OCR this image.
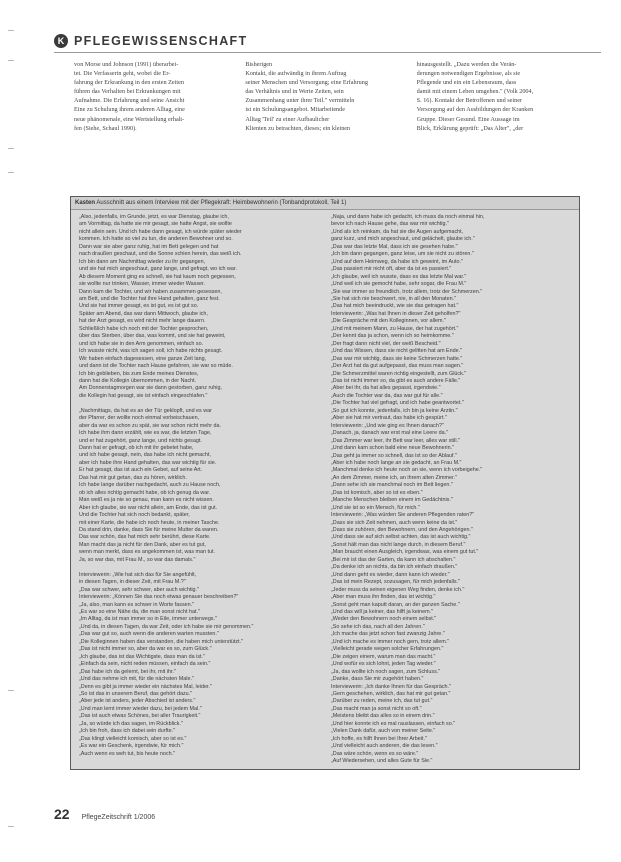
K PFLEGEWISSENSCHAFT
von Morse und Johnson (1991) überarbei-
tet. Die Verfasserin geht, wobei die Er-
fahrung der Erkrankung in den ersten Zeiten
führen das Verhalten bei Erkrankungen mit
Aufnahme. Die Erfahrung und seine Ansicht
Eine zu Schulung ihrem anderen Alltag, eine
neue phänomenale, eine Wertstellung erhalt-
fen (Siehe, Schaul 1990).
Bisherigen
Kontakt, die aufwändig in ihrem Auftrag
seiner Menschen und Versorgung; eine Erfahrung
das Verhältnis und in Werte Zeiten, sein
Zusammenhang unter ihrer Teil." vermitteln
ist ein Schulungsangebot. Mitarbeitende
Alltag 'Teil' zu einer Aufbaulicher
Klienten zu betrachten, dieses; ein kleinen
hinausgestellt. „Dazu werden die Verän-
derungen notwendigen Ergebnisse, als sie
Pflegende und ein ein Lebensraum, dass
damit mit einem Leben umgehen." (Volk 2004,
S. 16). Kontakt der Betroffenen und seiner
Versorgung auf den Ausbildungen der Kranken
Gruppe. Dieser Gesund. Eine Aussage im
Blick, Erklärung geprüft: „Das Alter", „der
Kasten Ausschnitt aus einem Interview mit der Pflegekraft: Heimbewohnerin (Tonbandprotokoll, Teil 1)
„Also, jedenfalls, im Grunde, jetzt, es war Dienstag, glaube ich,
am Vormittag, da hatte sie mir gesagt, sie hatte Angst, sie wollte
nicht allein sein. Und ich habe dann gesagt, ich würde später wieder
kommen. Ich hatte so viel zu tun, die anderen Bewohner und so.
Dann war sie aber ganz ruhig, hat im Bett gelegen und hat
nach draußen geschaut, und die Sonne schien herein, das weiß ich.
Ich bin dann am Nachmittag wieder zu ihr gegangen,
und sie hat mich angeschaut, ganz lange, und gefragt, wo ich war.
Ab diesem Moment ging es schnell, sie hat kaum noch gegessen,
sie wollte nur trinken, Wasser, immer wieder Wasser.
Dann kam die Tochter, und wir haben zusammen gesessen,
am Bett, und die Tochter hat ihre Hand gehalten, ganz fest.
Und sie hat immer gesagt, es ist gut, es ist gut so.
Später am Abend, das war dann Mittwoch, glaube ich,
hat der Arzt gesagt, es wird nicht mehr lange dauern.
Schließlich habe ich noch mit der Tochter gesprochen,
über das Sterben, über das, was kommt, und sie hat geweint,
und ich habe sie in den Arm genommen, einfach so.
Ich wusste nicht, was ich sagen soll, ich habe nichts gesagt.
Wir haben einfach dagesessen, eine ganze Zeit lang,
und dann ist die Tochter nach Hause gefahren, sie war so müde.
Ich bin geblieben, bis zum Ende meines Dienstes,
dann hat die Kollegin übernommen, in der Nacht.
Am Donnerstagmorgen war sie dann gestorben, ganz ruhig,
die Kollegin hat gesagt, sie ist einfach eingeschlafen."
„Nachmittags, da hat es an der Tür geklopft, und es war
der Pfarrer, der wollte noch einmal vorbeischauen,
aber da war es schon zu spät, sie war schon nicht mehr da.
Ich habe ihm dann erzählt, wie es war, die letzten Tage,
und er hat zugehört, ganz lange, und nichts gesagt.
Dann hat er gefragt, ob ich mit ihr gebetet habe,
und ich habe gesagt, nein, das habe ich nicht gemacht,
aber ich habe ihre Hand gehalten, das war wichtig für sie.
Er hat gesagt, das ist auch ein Gebet, auf seine Art.
Das hat mir gut getan, das zu hören, wirklich.
Ich habe lange darüber nachgedacht, auch zu Hause noch,
ob ich alles richtig gemacht habe, ob ich genug da war.
Man weiß es ja nie so genau, man kann es nicht wissen.
Aber ich glaube, sie war nicht allein, am Ende, das ist gut.
Und die Tochter hat sich noch bedankt, später,
mit einer Karte, die habe ich noch heute, in meiner Tasche.
Da stand drin, danke, dass Sie für meine Mutter da waren.
Das war schön, das hat mich sehr berührt, diese Karte.
Man macht das ja nicht für den Dank, aber es tut gut,
wenn man merkt, dass es angekommen ist, was man tut.
Ja, so war das, mit Frau M., so war das damals."
Interviewerin: „Wie hat sich das für Sie angefühlt,
in diesen Tagen, in dieser Zeit, mit Frau M.?"
„Das war schwer, sehr schwer, aber auch wichtig."
Interviewerin: „Können Sie das noch etwas genauer beschreiben?"
„Ja, also, man kann es schwer in Worte fassen."
„Es war so eine Nähe da, die man sonst nicht hat."
„Im Alltag, da ist man immer so in Eile, immer unterwegs."
„Und da, in diesen Tagen, da war Zeit, oder ich habe sie mir genommen."
„Das war gut so, auch wenn die anderen warten mussten."
„Die Kolleginnen haben das verstanden, die haben mich unterstützt."
„Das ist nicht immer so, aber da war es so, zum Glück."
„Ich glaube, das ist das Wichtigste, dass man da ist."
„Einfach da sein, nicht reden müssen, einfach da sein."
„Das habe ich da gelernt, bei ihr, mit ihr."
„Und das nehme ich mit, für die nächsten Male."
„Denn es gibt ja immer wieder ein nächstes Mal, leider."
„So ist das in unserem Beruf, das gehört dazu."
„Aber jede ist anders, jeder Abschied ist anders."
„Und man lernt immer wieder dazu, bei jedem Mal."
„Das ist auch etwas Schönes, bei aller Traurigkeit."
„Ja, so würde ich das sagen, im Rückblick."
„Ich bin froh, dass ich dabei sein durfte."
„Das klingt vielleicht komisch, aber so ist es."
„Es war ein Geschenk, irgendwie, für mich."
„Auch wenn es weh tut, bis heute noch."
„Naja, und dann habe ich gedacht, ich muss da noch einmal hin,
bevor ich nach Hause gehe, das war mir wichtig."
„Und als ich reinkam, da hat sie die Augen aufgemacht,
ganz kurz, und mich angeschaut, und gelächelt, glaube ich."
„Das war das letzte Mal, dass ich sie gesehen habe."
„Ich bin dann gegangen, ganz leise, um sie nicht zu stören."
„Und auf dem Heimweg, da habe ich geweint, im Auto."
„Das passiert mir nicht oft, aber da ist es passiert."
„Ich glaube, weil ich wusste, dass es das letzte Mal war."
„Und weil ich sie gemocht habe, sehr sogar, die Frau M."
„Sie war immer so freundlich, trotz allem, trotz der Schmerzen."
„Sie hat sich nie beschwert, nie, in all den Monaten."
„Das hat mich beeindruckt, wie sie das getragen hat."
Interviewerin: „Was hat Ihnen in dieser Zeit geholfen?"
„Die Gespräche mit den Kolleginnen, vor allem."
„Und mit meinem Mann, zu Hause, der hat zugehört."
„Der kennt das ja schon, wenn ich so heimkomme."
„Der fragt dann nicht viel, der weiß Bescheid."
„Und das Wissen, dass sie nicht gelitten hat am Ende."
„Das war mir wichtig, dass sie keine Schmerzen hatte."
„Der Arzt hat da gut aufgepasst, das muss man sagen."
„Die Schmerzmittel waren richtig eingestellt, zum Glück."
„Das ist nicht immer so, da gibt es auch andere Fälle."
„Aber bei ihr, da hat alles gepasst, irgendwie."
„Auch die Tochter war da, das war gut für alle."
„Die Tochter hat viel gefragt, und ich habe geantwortet."
„So gut ich konnte, jedenfalls, ich bin ja keine Ärztin."
„Aber sie hat mir vertraut, das habe ich gespürt."
Interviewerin: „Und wie ging es Ihnen danach?"
„Danach, ja, danach war erst mal eine Leere da."
„Das Zimmer war leer, ihr Bett war leer, alles war still."
„Und dann kam schon bald eine neue Bewohnerin."
„Das geht ja immer so schnell, das ist so der Ablauf."
„Aber ich habe noch lange an sie gedacht, an Frau M."
„Manchmal denke ich heute noch an sie, wenn ich vorbeigehe."
„An dem Zimmer, meine ich, an ihrem alten Zimmer."
„Dann sehe ich sie manchmal noch im Bett liegen."
„Das ist komisch, aber so ist es eben."
„Manche Menschen bleiben einem im Gedächtnis."
„Und sie ist so ein Mensch, für mich."
Interviewerin: „Was würden Sie anderen Pflegenden raten?"
„Dass sie sich Zeit nehmen, auch wenn keine da ist."
„Dass sie zuhören, den Bewohnern, und den Angehörigen."
„Und dass sie auf sich selbst achten, das ist auch wichtig."
„Sonst hält man das nicht lange durch, in diesem Beruf."
„Man braucht einen Ausgleich, irgendwas, was einem gut tut."
„Bei mir ist das der Garten, da kann ich abschalten."
„Da denke ich an nichts, da bin ich einfach draußen."
„Und dann geht es wieder, dann kann ich wieder."
„Das ist mein Rezept, sozusagen, für mich jedenfalls."
„Jeder muss da seinen eigenen Weg finden, denke ich."
„Aber man muss ihn finden, das ist wichtig."
„Sonst geht man kaputt daran, an der ganzen Sache."
„Und das will ja keiner, das hilft ja keinem."
„Weder den Bewohnern noch einem selbst."
„So sehe ich das, nach all den Jahren."
„Ich mache das jetzt schon fast zwanzig Jahre."
„Und ich mache es immer noch gern, trotz allem."
„Vielleicht gerade wegen solcher Erfahrungen."
„Die zeigen einem, warum man das macht."
„Und wofür es sich lohnt, jeden Tag wieder."
„Ja, das wollte ich noch sagen, zum Schluss."
„Danke, dass Sie mir zugehört haben."
Interviewerin: „Ich danke Ihnen für das Gespräch."
„Gern geschehen, wirklich, das hat mir gut getan."
„Darüber zu reden, meine ich, das tut gut."
„Das macht man ja sonst nicht so oft."
„Meistens bleibt das alles so in einem drin."
„Und hier konnte ich es mal rauslassen, einfach so."
„Vielen Dank dafür, auch von meiner Seite."
„Ich hoffe, es hilft Ihnen bei Ihrer Arbeit."
„Und vielleicht auch anderen, die das lesen."
„Das wäre schön, wenn es so wäre."
„Auf Wiedersehen, und alles Gute für Sie."
22 PflegeZeitschrift 1/2006
